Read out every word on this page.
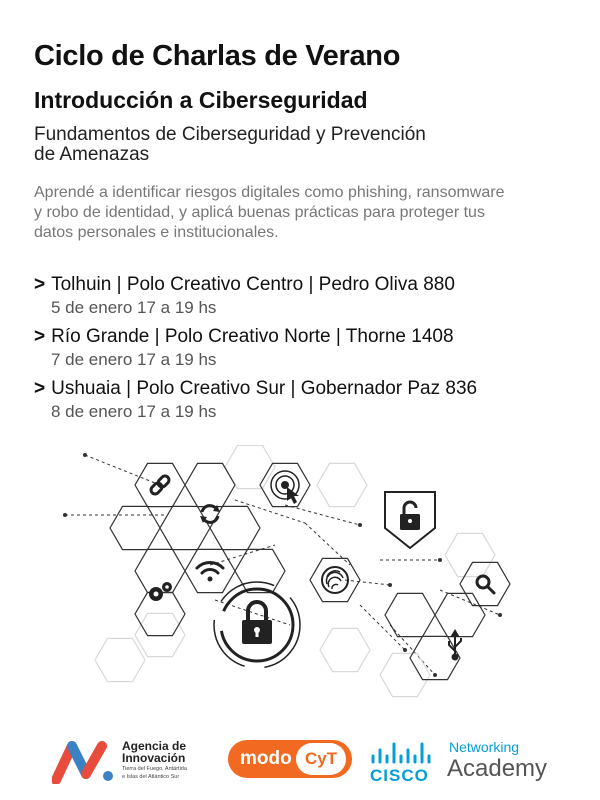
Ciclo de Charlas de Verano
Introducción a Ciberseguridad
Fundamentos de Ciberseguridad y Prevención
de Amenazas
Aprendé a identificar riesgos digitales como phishing, ransomware
y robo de identidad, y aplicá buenas prácticas para proteger tus
datos personales e institucionales.
> Tolhuin | Polo Creativo Centro | Pedro Oliva 880
5 de enero 17 a 19 hs
> Río Grande | Polo Creativo Norte | Thorne 1408
7 de enero 17 a 19 hs
> Ushuaia | Polo Creativo Sur | Gobernador Paz 836
8 de enero 17 a 19 hs
Agencia de
Innovación
Tierra del Fuego, Antártida
e Islas del Atlántico Sur
modo CyT
CISCO
Networking
Academy
